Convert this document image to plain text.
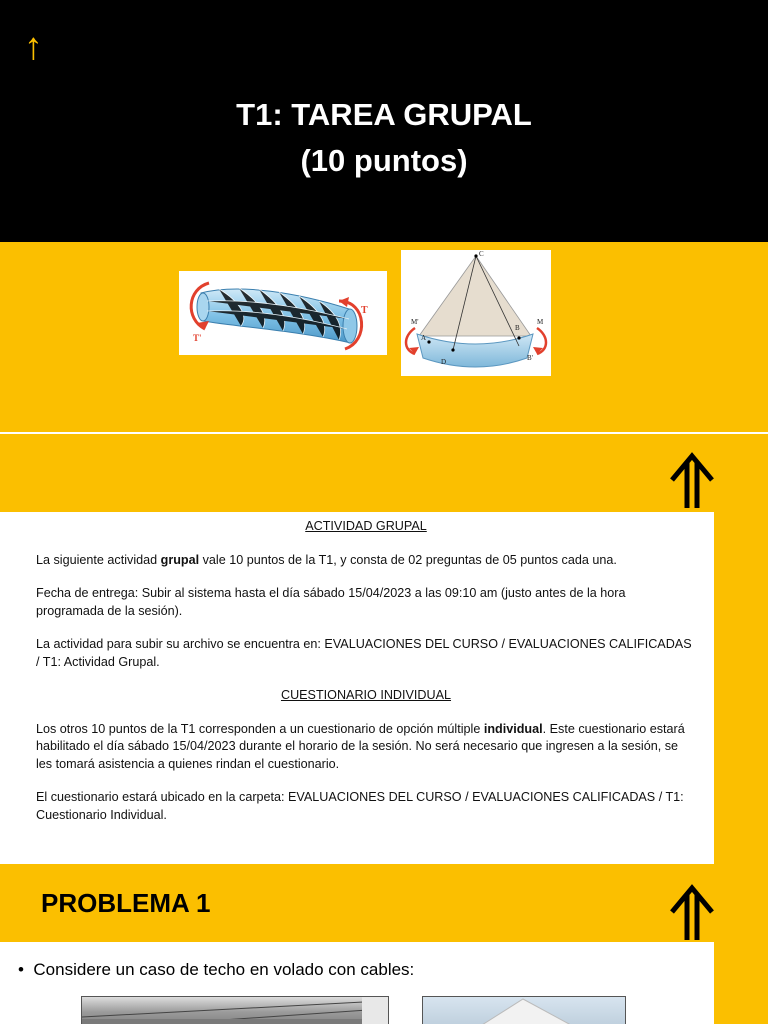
↑
T1: TAREA GRUPAL
(10 puntos)
T
T'
C
M'	M
A
B
D	B'

ACTIVIDAD GRUPAL

La siguiente actividad grupal vale 10 puntos de la T1, y consta de 02 preguntas de 05 puntos cada una.

Fecha de entrega: Subir al sistema hasta el día sábado 15/04/2023 a las 09:10 am (justo antes de la hora programada de la sesión).

La actividad para subir su archivo se encuentra en: EVALUACIONES DEL CURSO / EVALUACIONES CALIFICADAS / T1: Actividad Grupal.

CUESTIONARIO INDIVIDUAL

Los otros 10 puntos de la T1 corresponden a un cuestionario de opción múltiple individual. Este cuestionario estará habilitado el día sábado 15/04/2023 durante el horario de la sesión. No será necesario que ingresen a la sesión, se les tomará asistencia a quienes rindan el cuestionario.

El cuestionario estará ubicado en la carpeta: EVALUACIONES DEL CURSO / EVALUACIONES CALIFICADAS / T1: Cuestionario Individual.

PROBLEMA 1
• Considere un caso de techo en volado con cables:
